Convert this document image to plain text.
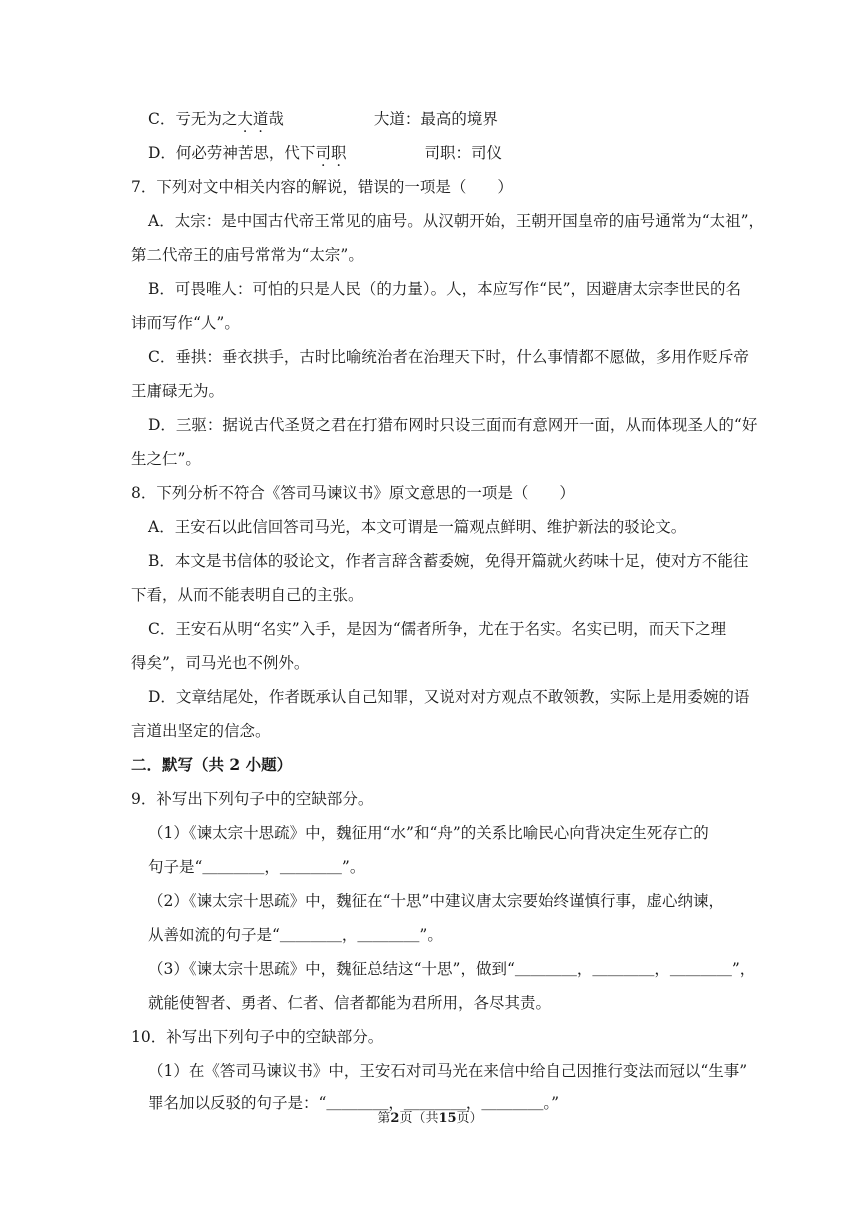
C．亏无为之大道哉	大道：最高的境界
D．何必劳神苦思，代下司职	司职：司仪
7．下列对文中相关内容的解说，错误的一项是（　　）
A．太宗：是中国古代帝王常见的庙号。从汉朝开始，王朝开国皇帝的庙号通常为“太祖”，
第二代帝王的庙号常常为“太宗”。
B．可畏唯人：可怕的只是人民（的力量）。人，本应写作“民”，因避唐太宗李世民的名
讳而写作“人”。
C．垂拱：垂衣拱手，古时比喻统治者在治理天下时，什么事情都不愿做，多用作贬斥帝
王庸碌无为。
D．三驱：据说古代圣贤之君在打猎布网时只设三面而有意网开一面，从而体现圣人的“好
生之仁”。
8．下列分析不符合《答司马谏议书》原文意思的一项是（　　）
A．王安石以此信回答司马光，本文可谓是一篇观点鲜明、维护新法的驳论文。
B．本文是书信体的驳论文，作者言辞含蓄委婉，免得开篇就火药味十足，使对方不能往
下看，从而不能表明自己的主张。
C．王安石从明“名实”入手，是因为“儒者所争，尤在于名实。名实已明，而天下之理
得矣”，司马光也不例外。
D．文章结尾处，作者既承认自己知罪，又说对对方观点不敢领教，实际上是用委婉的语
言道出坚定的信念。
二．默写（共 2 小题）
9．补写出下列句子中的空缺部分。
（1）《谏太宗十思疏》中，魏征用“水”和“舟”的关系比喻民心向背决定生死存亡的
句子是“＿＿＿＿，＿＿＿＿”。
（2）《谏太宗十思疏》中，魏征在“十思”中建议唐太宗要始终谨慎行事，虚心纳谏，
从善如流的句子是“＿＿＿＿，＿＿＿＿”。
（3）《谏太宗十思疏》中，魏征总结这“十思”，做到“＿＿＿＿，＿＿＿＿，＿＿＿＿”，
就能使智者、勇者、仁者、信者都能为君所用，各尽其责。
10．补写出下列句子中的空缺部分。
（1）在《答司马谏议书》中，王安石对司马光在来信中给自己因推行变法而冠以“生事”
罪名加以反驳的句子是：“＿＿＿＿，＿＿＿＿，＿＿＿＿。”
第2页（共15页）
